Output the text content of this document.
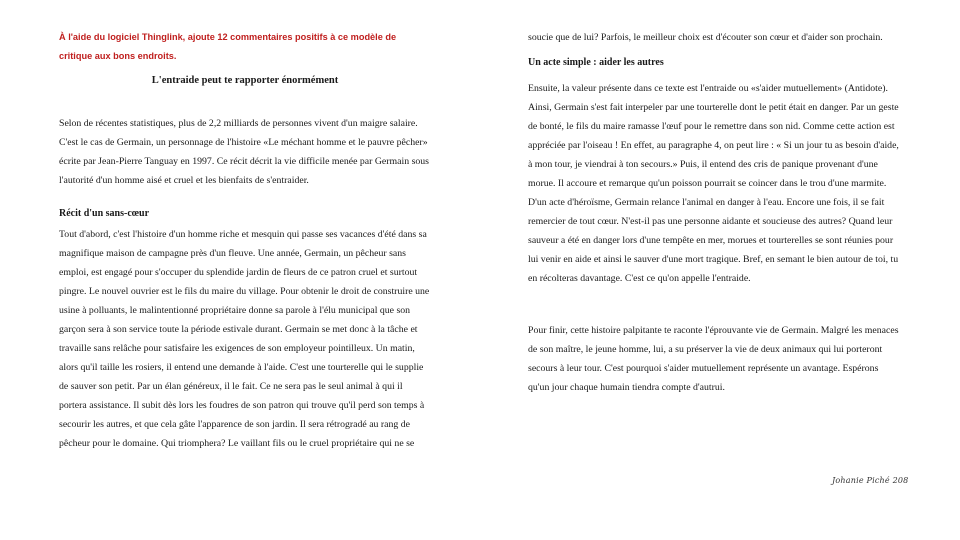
À l'aide du logiciel Thinglink, ajoute 12 commentaires positifs à ce modèle de critique aux bons endroits.

L'entraide peut te rapporter énormément

Selon de récentes statistiques, plus de 2,2 milliards de personnes vivent d'un maigre salaire. C'est le cas de Germain, un personnage de l'histoire «Le méchant homme et le pauvre pêcher» écrite par Jean-Pierre Tanguay en 1997. Ce récit décrit la vie difficile menée par Germain sous l'autorité d'un homme aisé et cruel et les bienfaits de s'entraider.

Récit d'un sans-cœur

Tout d'abord, c'est l'histoire d'un homme riche et mesquin qui passe ses vacances d'été dans sa magnifique maison de campagne près d'un fleuve. Une année, Germain, un pêcheur sans emploi, est engagé pour s'occuper du splendide jardin de fleurs de ce patron cruel et surtout pingre. Le nouvel ouvrier est le fils du maire du village. Pour obtenir le droit de construire une usine à polluants, le malintentionné propriétaire donne sa parole à l'élu municipal que son garçon sera à son service toute la période estivale durant. Germain se met donc à la tâche et travaille sans relâche pour satisfaire les exigences de son employeur pointilleux. Un matin, alors qu'il taille les rosiers, il entend une demande à l'aide. C'est une tourterelle qui le supplie de sauver son petit. Par un élan généreux, il le fait. Ce ne sera pas le seul animal à qui il portera assistance. Il subit dès lors les foudres de son patron qui trouve qu'il perd son temps à secourir les autres, et que cela gâte l'apparence de son jardin. Il sera rétrogradé au rang de pêcheur pour le domaine. Qui triomphera? Le vaillant fils ou le cruel propriétaire qui ne se

soucie que de lui? Parfois, le meilleur choix est d'écouter son cœur et d'aider son prochain.

Un acte simple : aider les autres

Ensuite, la valeur présente dans ce texte est l'entraide ou «s'aider mutuellement» (Antidote). Ainsi, Germain s'est fait interpeler par une tourterelle dont le petit était en danger. Par un geste de bonté, le fils du maire ramasse l'œuf pour le remettre dans son nid. Comme cette action est appréciée par l'oiseau ! En effet, au paragraphe 4, on peut lire : « Si un jour tu as besoin d'aide, à mon tour, je viendrai à ton secours.» Puis, il entend des cris de panique provenant d'une morue. Il accoure et remarque qu'un poisson pourrait se coincer dans le trou d'une marmite. D'un acte d'héroïsme, Germain relance l'animal en danger à l'eau. Encore une fois, il se fait remercier de tout cœur. N'est-il pas une personne aidante et soucieuse des autres? Quand leur sauveur a été en danger lors d'une tempête en mer, morues et tourterelles se sont réunies pour lui venir en aide et ainsi le sauver d'une mort tragique. Bref, en semant le bien autour de toi, tu en récolteras davantage. C'est ce qu'on appelle l'entraide.

Pour finir, cette histoire palpitante te raconte l'éprouvante vie de Germain. Malgré les menaces de son maître, le jeune homme, lui, a su préserver la vie de deux animaux qui lui porteront secours à leur tour. C'est pourquoi s'aider mutuellement représente un avantage. Espérons qu'un jour chaque humain tiendra compte d'autrui.

Johanie Piché 208
